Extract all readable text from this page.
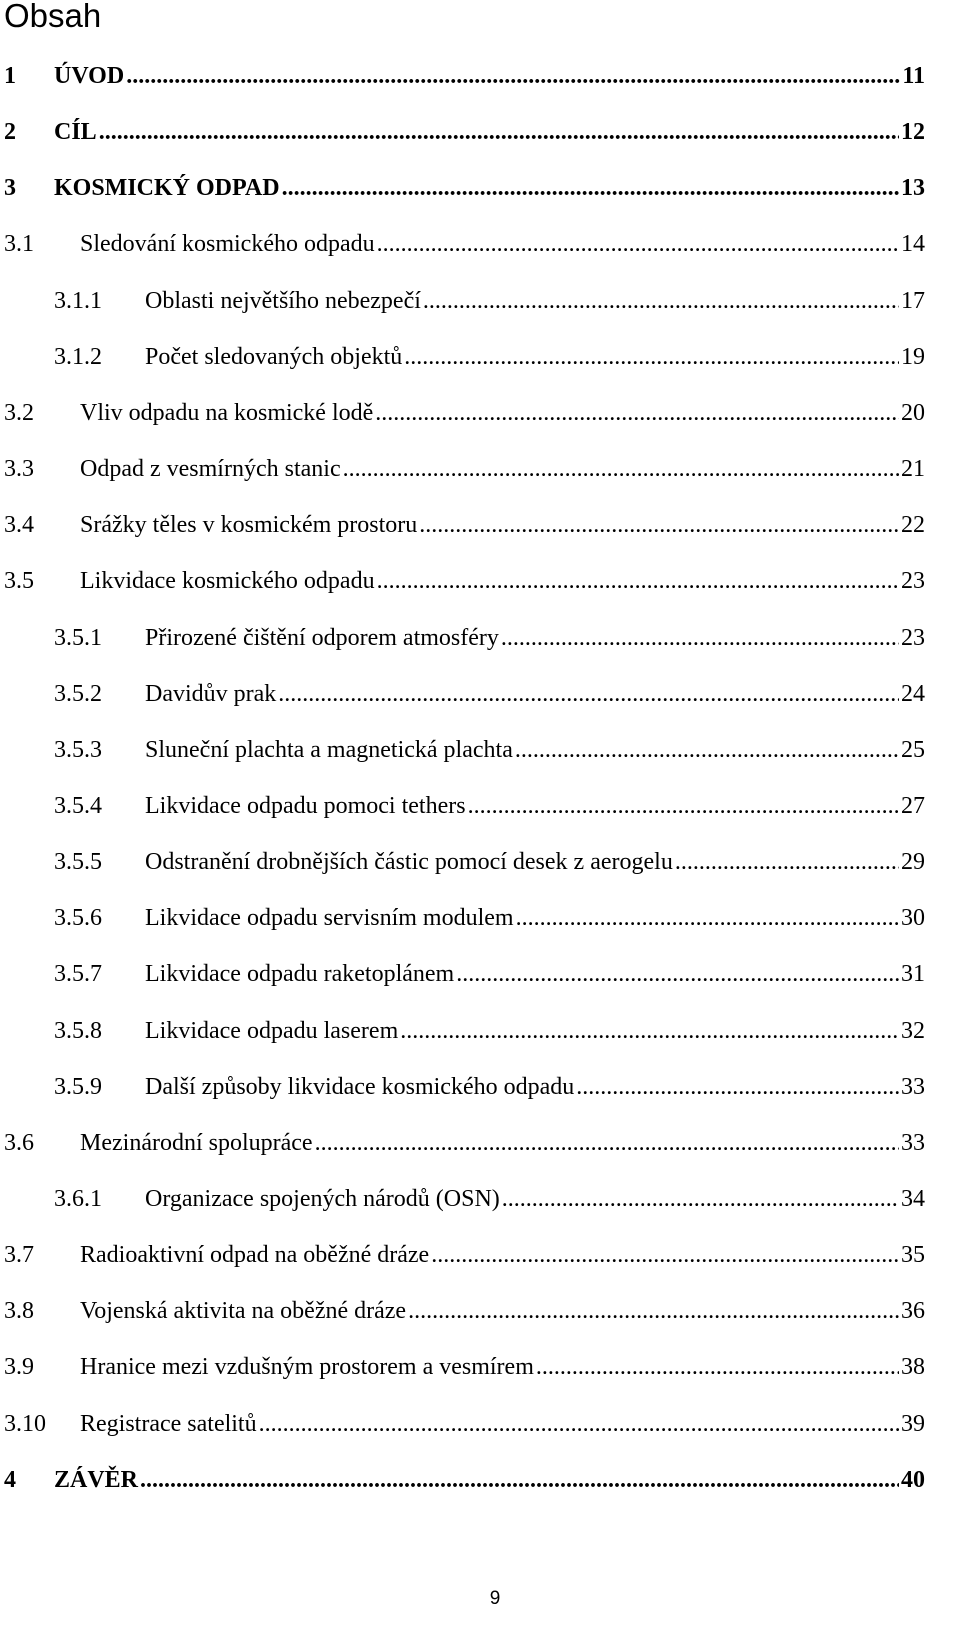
Obsah
1	ÚVOD .....	11
2	CÍL .....	12
3	KOSMICKÝ ODPAD .....	13
3.1	Sledování kosmického odpadu .....	14
3.1.1	Oblasti největšího nebezpečí .....	17
3.1.2	Počet sledovaných objektů .....	19
3.2	Vliv odpadu na kosmické lodě .....	20
3.3	Odpad z vesmírných stanic .....	21
3.4	Srážky těles v kosmickém prostoru .....	22
3.5	Likvidace kosmického odpadu .....	23
3.5.1	Přirozené čištění odporem atmosféry .....	23
3.5.2	Davidův prak .....	24
3.5.3	Sluneční plachta a magnetická plachta .....	25
3.5.4	Likvidace odpadu pomoci tethers .....	27
3.5.5	Odstranění drobnějších částic pomocí desek z aerogelu .....	29
3.5.6	Likvidace odpadu servisním modulem .....	30
3.5.7	Likvidace odpadu raketoplánem .....	31
3.5.8	Likvidace odpadu laserem .....	32
3.5.9	Další způsoby likvidace kosmického odpadu .....	33
3.6	Mezinárodní spolupráce .....	33
3.6.1	Organizace spojených národů (OSN) .....	34
3.7	Radioaktivní odpad na oběžné dráze .....	35
3.8	Vojenská aktivita na oběžné dráze .....	36
3.9	Hranice mezi vzdušným prostorem a vesmírem .....	38
3.10	Registrace satelitů .....	39
4	ZÁVĚR .....	40
9
